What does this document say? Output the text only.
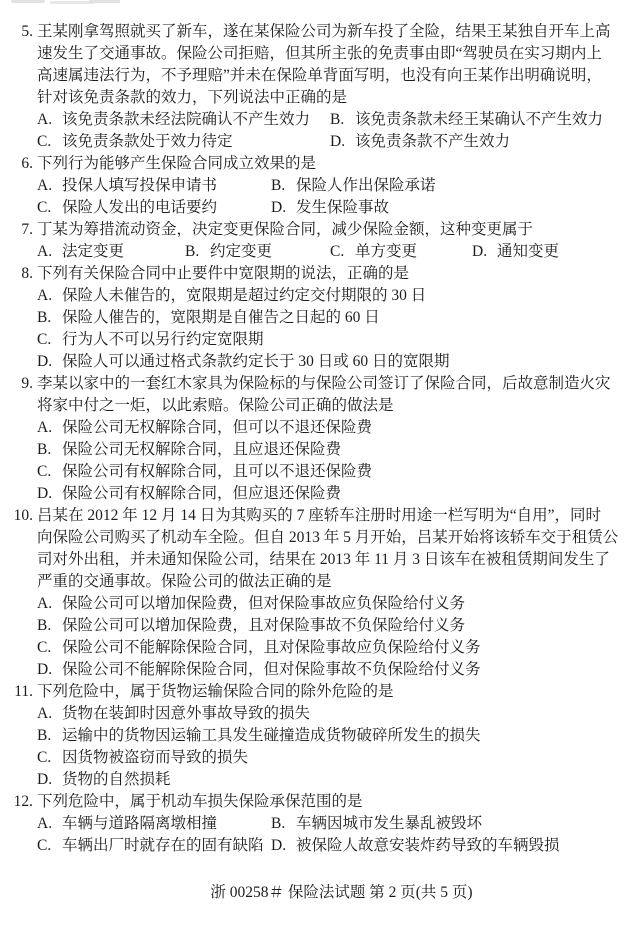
5. 王某刚拿驾照就买了新车，遂在某保险公司为新车投了全险，结果王某独自开车上高
速发生了交通事故。保险公司拒赔，但其所主张的免责事由即“驾驶员在实习期内上
高速属违法行为，不予理赔”并未在保险单背面写明，也没有向王某作出明确说明，
针对该免责条款的效力，下列说法中正确的是
A. 该免责条款未经法院确认不产生效力 B. 该免责条款未经王某确认不产生效力
C. 该免责条款处于效力待定	D. 该免责条款不产生效力
6. 下列行为能够产生保险合同成立效果的是
A. 投保人填写投保申请书	B. 保险人作出保险承诺
C. 保险人发出的电话要约	D. 发生保险事故
7. 丁某为筹措流动资金，决定变更保险合同，减少保险金额，这种变更属于
A. 法定变更	B. 约定变更	C. 单方变更	D. 通知变更
8. 下列有关保险合同中止要件中宽限期的说法，正确的是
A. 保险人未催告的，宽限期是超过约定交付期限的 30 日
B. 保险人催告的，宽限期是自催告之日起的 60 日
C. 行为人不可以另行约定宽限期
D. 保险人可以通过格式条款约定长于 30 日或 60 日的宽限期
9. 李某以家中的一套红木家具为保险标的与保险公司签订了保险合同，后故意制造火灾
将家中付之一炬，以此索赔。保险公司正确的做法是
A. 保险公司无权解除合同，但可以不退还保险费
B. 保险公司无权解除合同，且应退还保险费
C. 保险公司有权解除合同，且可以不退还保险费
D. 保险公司有权解除合同，但应退还保险费
10. 吕某在 2012 年 12 月 14 日为其购买的 7 座轿车注册时用途一栏写明为“自用”，同时
向保险公司购买了机动车全险。但自 2013 年 5 月开始，吕某开始将该轿车交于租赁公
司对外出租，并未通知保险公司，结果在 2013 年 11 月 3 日该车在被租赁期间发生了
严重的交通事故。保险公司的做法正确的是
A. 保险公司可以增加保险费，但对保险事故应负保险给付义务
B. 保险公司可以增加保险费，且对保险事故不负保险给付义务
C. 保险公司不能解除保险合同，且对保险事故应负保险给付义务
D. 保险公司不能解除保险合同，但对保险事故不负保险给付义务
11. 下列危险中，属于货物运输保险合同的除外危险的是
A. 货物在装卸时因意外事故导致的损失
B. 运输中的货物因运输工具发生碰撞造成货物破碎所发生的损失
C. 因货物被盗窃而导致的损失
D. 货物的自然损耗
12. 下列危险中，属于机动车损失保险承保范围的是
A. 车辆与道路隔离墩相撞	B. 车辆因城市发生暴乱被毁坏
C. 车辆出厂时就存在的固有缺陷 D. 被保险人故意安装炸药导致的车辆毁损
浙 00258＃ 保险法试题 第 2 页(共 5 页)
